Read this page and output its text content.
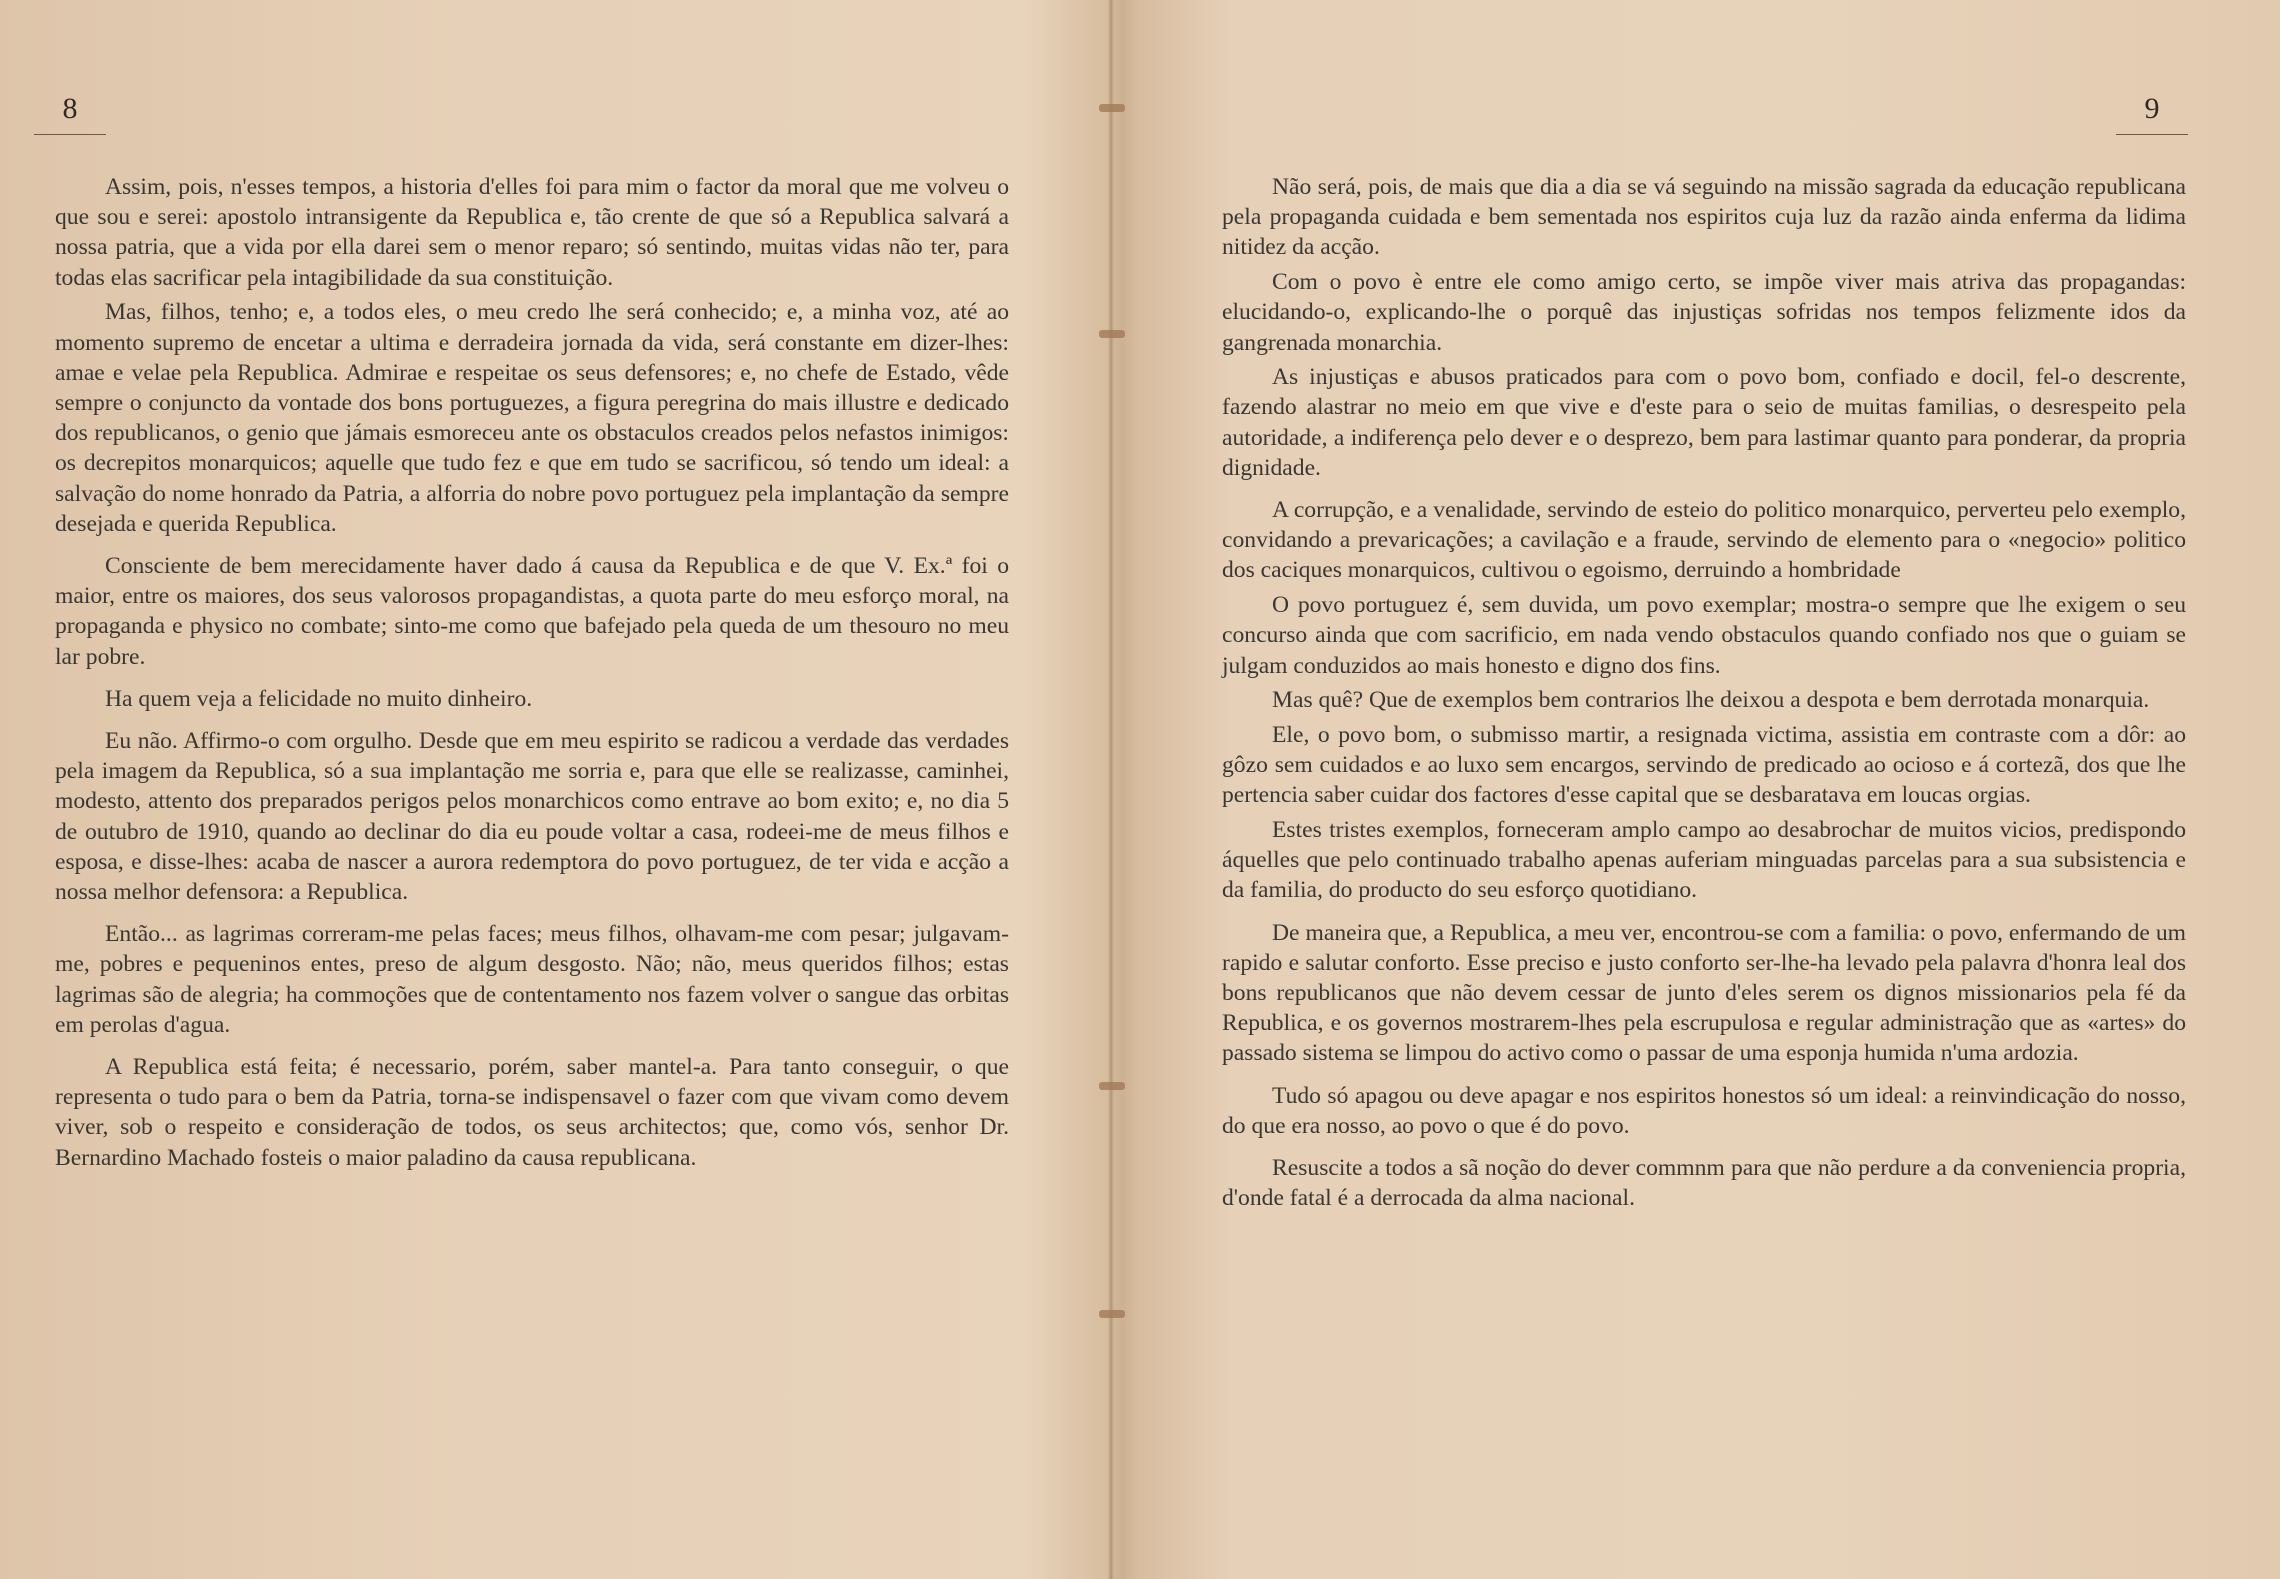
8

Assim, pois, n'esses tempos, a historia d'elles foi para mim o factor da moral que me volveu o que sou e serei: apostolo intransigente da Republica e, tão crente de que só a Republica salvará a nossa patria, que a vida por ella darei sem o menor reparo; só sentindo, muitas vidas não ter, para todas elas sacrificar pela intagibilidade da sua constituição.

Mas, filhos, tenho; e, a todos eles, o meu credo lhe será conhecido; e, a minha voz, até ao momento supremo de encetar a ultima e derradeira jornada da vida, será constante em dizer-lhes: amae e velae pela Republica. Admirae e respeitae os seus defensores; e, no chefe de Estado, vêde sempre o conjuncto da vontade dos bons portuguezes, a figura peregrina do mais illustre e dedicado dos republicanos, o genio que jámais esmoreceu ante os obstaculos creados pelos nefastos inimigos: os decrepitos monarquicos; aquelle que tudo fez e que em tudo se sacrificou, só tendo um ideal: a salvação do nome honrado da Patria, a alforria do nobre povo portuguez pela implantação da sempre desejada e querida Republica.

Consciente de bem merecidamente haver dado á causa da Republica e de que V. Ex.ª foi o maior, entre os maiores, dos seus valorosos propagandistas, a quota parte do meu esforço moral, na propaganda e physico no combate; sinto-me como que bafejado pela queda de um thesouro no meu lar pobre.

Ha quem veja a felicidade no muito dinheiro.

Eu não. Affirmo-o com orgulho. Desde que em meu espirito se radicou a verdade das verdades pela imagem da Republica, só a sua implantação me sorria e, para que elle se realizasse, caminhei, modesto, attento dos preparados perigos pelos monarchicos como entrave ao bom exito; e, no dia 5 de outubro de 1910, quando ao declinar do dia eu poude voltar a casa, rodeei-me de meus filhos e esposa, e disse-lhes: acaba de nascer a aurora redemptora do povo portuguez, de ter vida e acção a nossa melhor defensora: a Republica.

Então... as lagrimas correram-me pelas faces; meus filhos, olhavam-me com pesar; julgavam-me, pobres e pequeninos entes, preso de algum desgosto. Não; não, meus queridos filhos; estas lagrimas são de alegria; ha commoções que de contentamento nos fazem volver o sangue das orbitas em perolas d'agua.

A Republica está feita; é necessario, porém, saber mantel-a. Para tanto conseguir, o que representa o tudo para o bem da Patria, torna-se indispensavel o fazer com que vivam como devem viver, sob o respeito e consideração de todos, os seus architectos; que, como vós, senhor Dr. Bernardino Machado fosteis o maior paladino da causa republicana.

9

Não será, pois, de mais que dia a dia se vá seguindo na missão sagrada da educação republicana pela propaganda cuidada e bem sementada nos espiritos cuja luz da razão ainda enferma da lidima nitidez da acção.

Com o povo è entre ele como amigo certo, se impõe viver mais atriva das propagandas: elucidando-o, explicando-lhe o porquê das injustiças sofridas nos tempos felizmente idos da gangrenada monarchia.

As injustiças e abusos praticados para com o povo bom, confiado e docil, fel-o descrente, fazendo alastrar no meio em que vive e d'este para o seio de muitas familias, o desrespeito pela autoridade, a indiferença pelo dever e o desprezo, bem para lastimar quanto para ponderar, da propria dignidade.

A corrupção, e a venalidade, servindo de esteio do politico monarquico, perverteu pelo exemplo, convidando a prevaricações; a cavilação e a fraude, servindo de elemento para o «negocio» politico dos caciques monarquicos, cultivou o egoismo, derruindo a hombridade

O povo portuguez é, sem duvida, um povo exemplar; mostra-o sempre que lhe exigem o seu concurso ainda que com sacrificio, em nada vendo obstaculos quando confiado nos que o guiam se julgam conduzidos ao mais honesto e digno dos fins.

Mas quê? Que de exemplos bem contrarios lhe deixou a despota e bem derrotada monarquia.

Ele, o povo bom, o submisso martir, a resignada victima, assistia em contraste com a dôr: ao gôzo sem cuidados e ao luxo sem encargos, servindo de predicado ao ocioso e á cortezã, dos que lhe pertencia saber cuidar dos factores d'esse capital que se desbaratava em loucas orgias.

Estes tristes exemplos, forneceram amplo campo ao desabrochar de muitos vicios, predispondo áquelles que pelo continuado trabalho apenas auferiam minguadas parcelas para a sua subsistencia e da familia, do producto do seu esforço quotidiano.

De maneira que, a Republica, a meu ver, encontrou-se com a familia: o povo, enfermando de um rapido e salutar conforto. Esse preciso e justo conforto ser-lhe-ha levado pela palavra d'honra leal dos bons republicanos que não devem cessar de junto d'eles serem os dignos missionarios pela fé da Republica, e os governos mostrarem-lhes pela escrupulosa e regular administração que as «artes» do passado sistema se limpou do activo como o passar de uma esponja humida n'uma ardozia.

Tudo só apagou ou deve apagar e nos espiritos honestos só um ideal: a reinvindicação do nosso, do que era nosso, ao povo o que é do povo.

Resuscite a todos a sã noção do dever commnm para que não perdure a da conveniencia propria, d'onde fatal é a derrocada da alma nacional.
